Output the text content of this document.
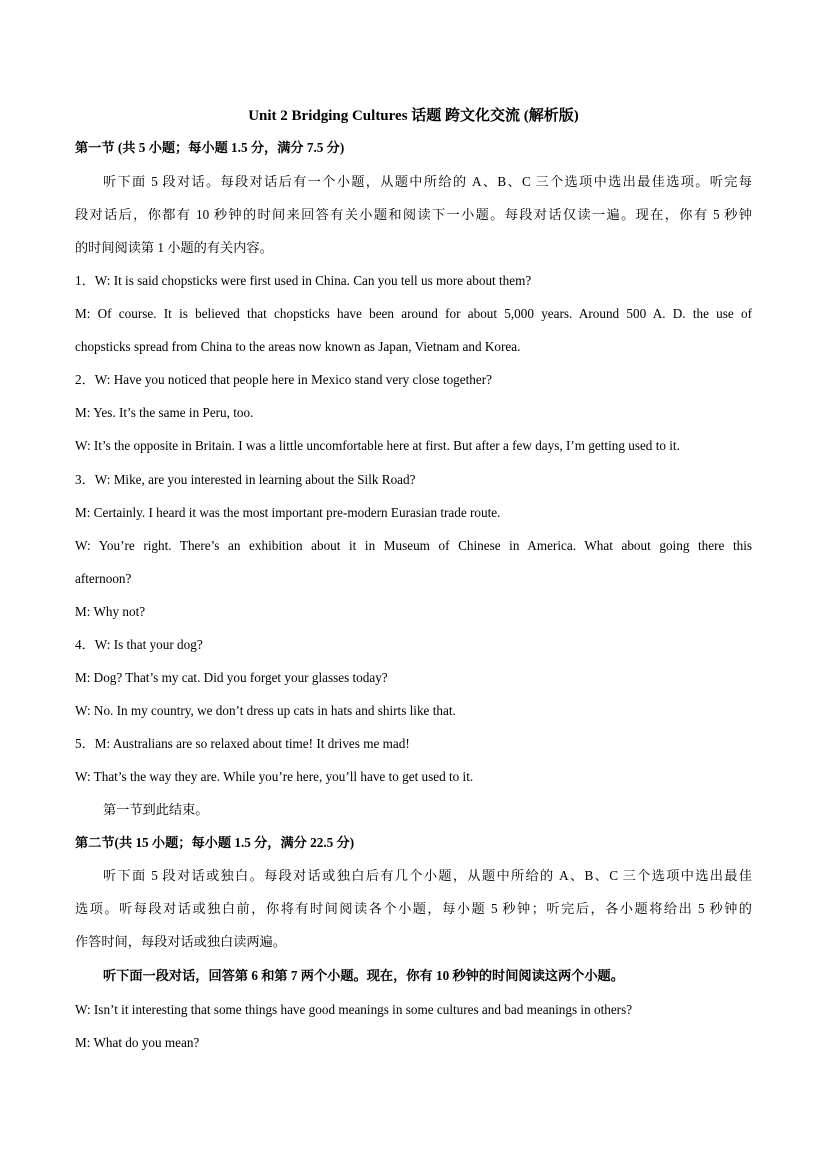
Unit 2 Bridging Cultures 话题 跨文化交流 (解析版)
第一节 (共 5 小题；每小题 1.5 分，满分 7.5 分)
听下面 5 段对话。每段对话后有一个小题，从题中所给的 A、B、C 三个选项中选出最佳选项。听完每
段对话后，你都有 10 秒钟的时间来回答有关小题和阅读下一小题。每段对话仅读一遍。现在，你有 5 秒钟
的时间阅读第 1 小题的有关内容。
1．W: It is said chopsticks were first used in China. Can you tell us more about them?
M: Of course. It is believed that chopsticks have been around for about 5,000 years. Around 500 A. D. the use of
chopsticks spread from China to the areas now known as Japan, Vietnam and Korea.
2．W: Have you noticed that people here in Mexico stand very close together?
M: Yes. It’s the same in Peru, too.
W: It’s the opposite in Britain. I was a little uncomfortable here at first. But after a few days, I’m getting used to it.
3．W: Mike, are you interested in learning about the Silk Road?
M: Certainly. I heard it was the most important pre-modern Eurasian trade route.
W: You’re right. There’s an exhibition about it in Museum of Chinese in America. What about going there this
afternoon?
M: Why not?
4．W: Is that your dog?
M: Dog? That’s my cat. Did you forget your glasses today?
W: No. In my country, we don’t dress up cats in hats and shirts like that.
5．M: Australians are so relaxed about time! It drives me mad!
W: That’s the way they are. While you’re here, you’ll have to get used to it.
第一节到此结束。
第二节(共 15 小题；每小题 1.5 分，满分 22.5 分)
听下面 5 段对话或独白。每段对话或独白后有几个小题，从题中所给的 A、B、C 三个选项中选出最佳
选项。听每段对话或独白前，你将有时间阅读各个小题，每小题 5 秒钟；听完后，各小题将给出 5 秒钟的
作答时间，每段对话或独白读两遍。
听下面一段对话，回答第 6 和第 7 两个小题。现在，你有 10 秒钟的时间阅读这两个小题。
W: Isn’t it interesting that some things have good meanings in some cultures and bad meanings in others?
M: What do you mean?
